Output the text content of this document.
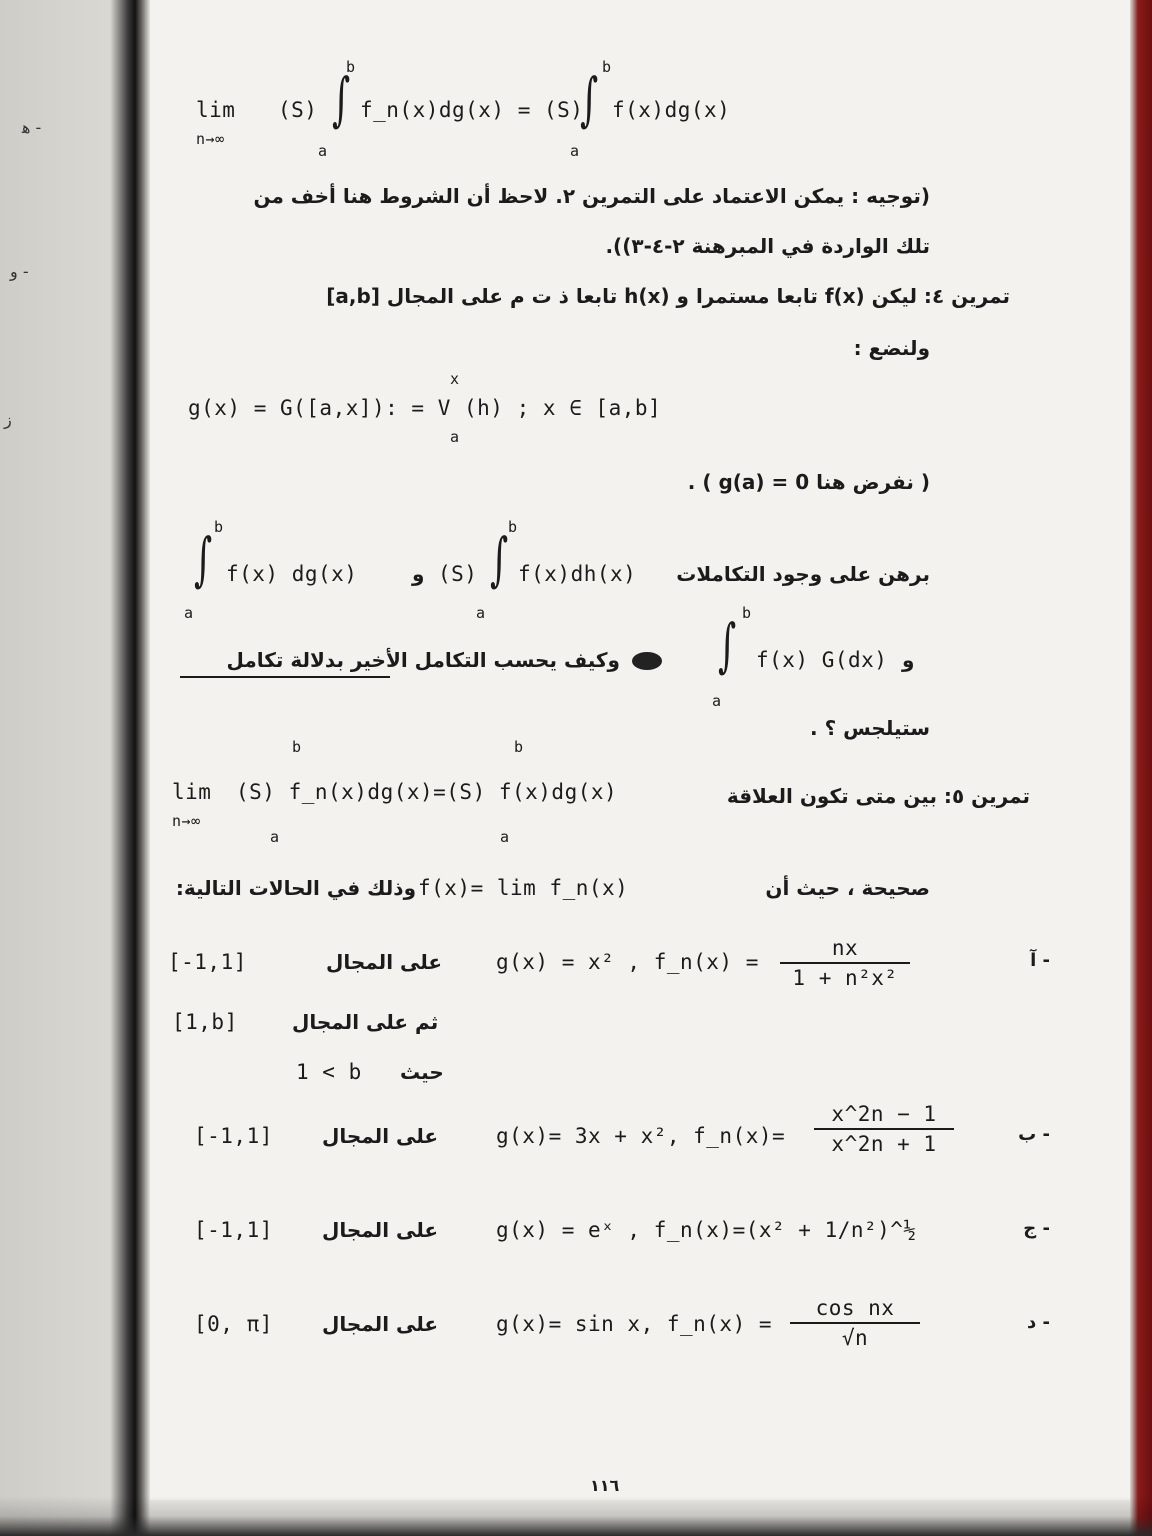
ﻫ -
و -
ز
lim
n→∞
(S) ∫
b
a
f_n(x)dg(x) = (S)
∫ b
a
f(x)dg(x)
(توجيه : يمكن الاعتماد على التمرين ٢. لاحظ أن الشروط هنا أخف من
تلك الواردة في المبرهنة ٢-٤-٣)).
تمرين ٤: ليكن f(x) تابعا مستمرا و h(x) تابعا ذ ت م على المجال [a,b]
ولنضع :
x
g(x) = G([a,x]): = V (h) ; x ∈ [a,b]
a
( نفرض هنا 0 = g(a) ) .
∫ b
a
f(x) dg(x)	و (S) ∫ b
a
f(x)dh(x)	برهن على وجود التكاملات
وكيف يحسب التكامل الأخير بدلالة تكامل ∫ b
a
f(x) G(dx) و
ستيلجس ؟ .
lim
n→∞
b	b
a	a
(S) f_n(x)dg(x)=(S) f(x)dg(x)	تمرين ٥: بين متى تكون العلاقة
صحيحة ، حيث أن
f(x)= lim f_n(x)
وذلك في الحالات التالية:
آ -
g(x) = x² , f_n(x) =
nx
1 + n²x²
على المجال
[-1,1]
ثم على المجال
[1,b]
حيث
1 < b
ب -
g(x)= 3x + x², f_n(x)=
x^2n − 1
x^2n + 1
على المجال
[-1,1]
ج -
g(x) = eˣ , f_n(x)=(x² + 1/n²)^½
على المجال
[-1,1]
د -
g(x)= sin x, f_n(x) =
cos nx
√n
على المجال
[0, π]
١١٦
